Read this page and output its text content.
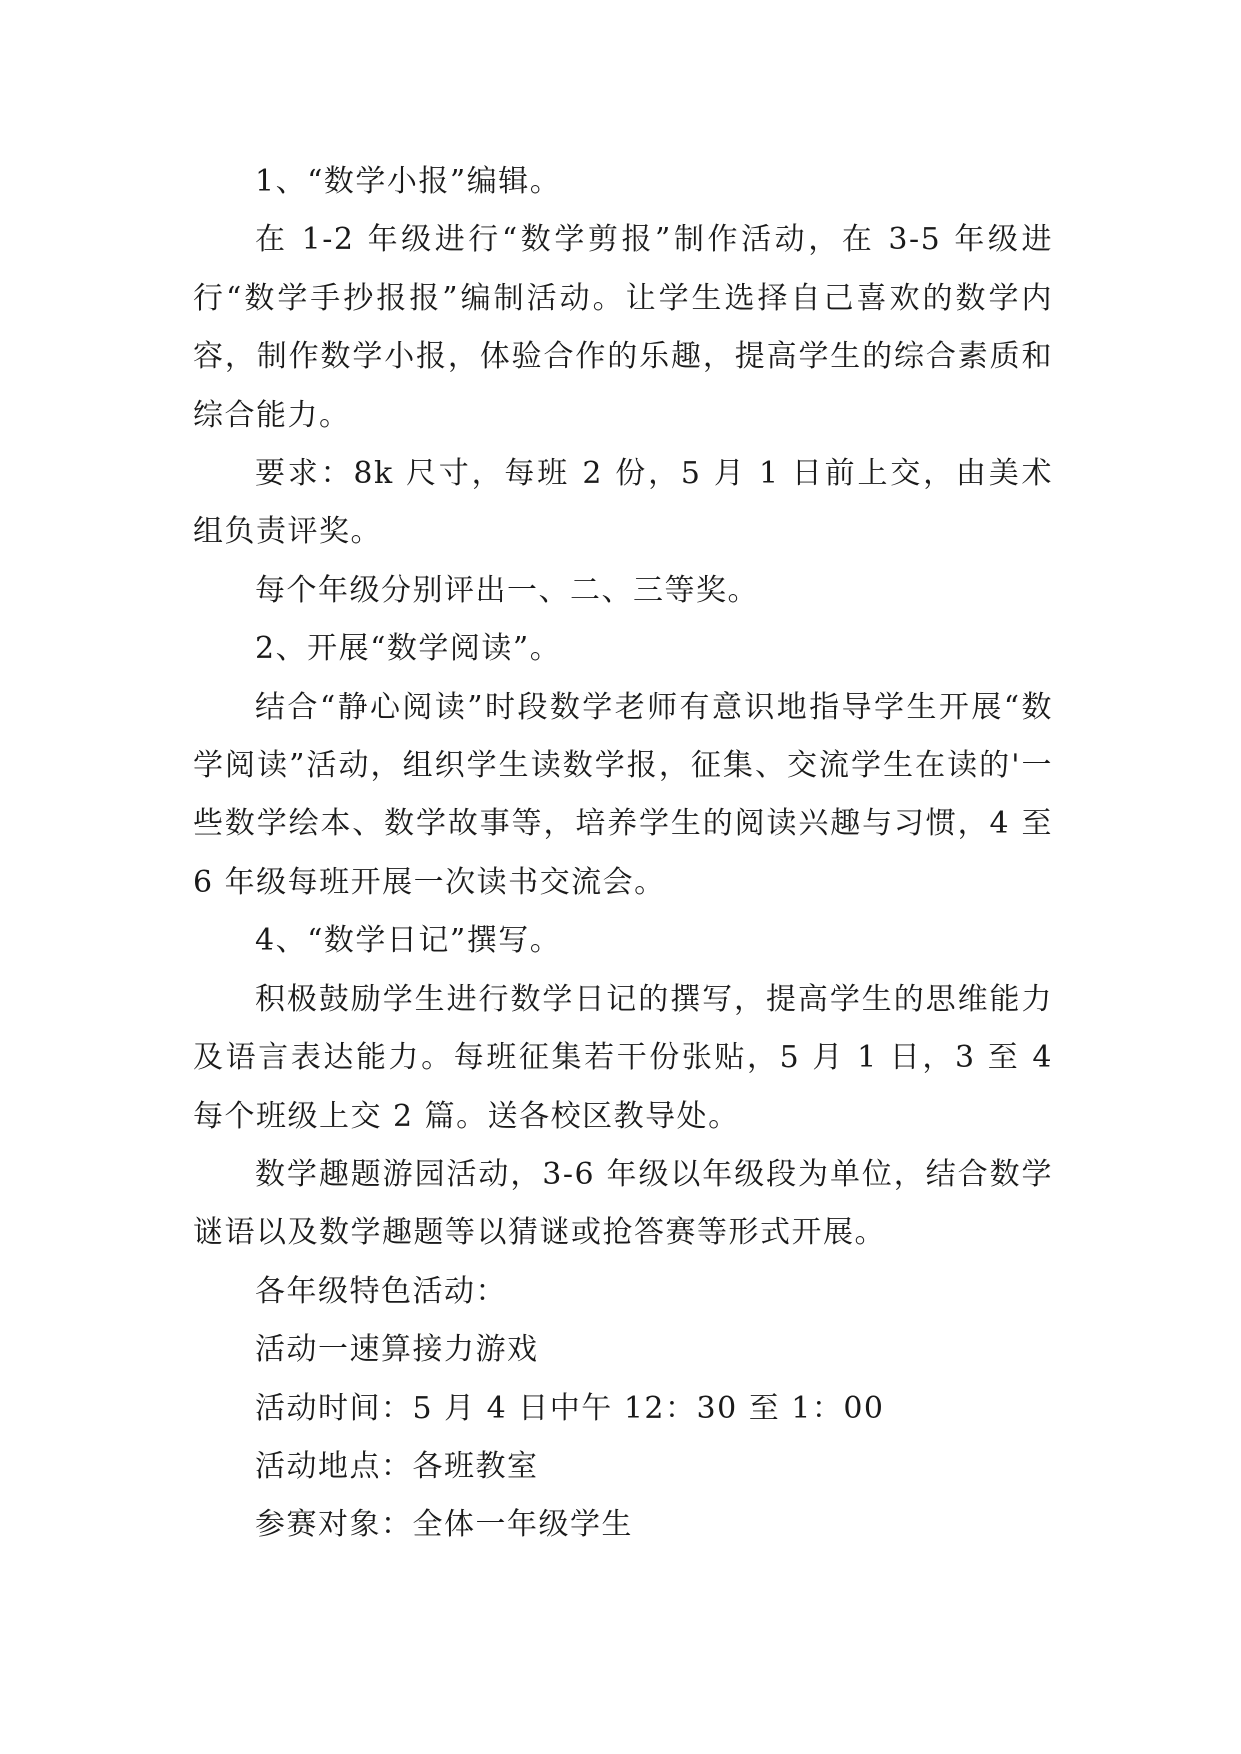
1、“数学小报”编辑。

在 1-2 年级进行“数学剪报”制作活动，在 3-5 年级进行“数学手抄报报”编制活动。让学生选择自己喜欢的数学内容，制作数学小报，体验合作的乐趣，提高学生的综合素质和综合能力。

要求：8k 尺寸，每班 2 份，5 月 1 日前上交，由美术组负责评奖。

每个年级分别评出一、二、三等奖。

2、开展“数学阅读”。

结合“静心阅读”时段数学老师有意识地指导学生开展“数学阅读”活动，组织学生读数学报，征集、交流学生在读的'一些数学绘本、数学故事等，培养学生的阅读兴趣与习惯，4 至 6 年级每班开展一次读书交流会。

4、“数学日记”撰写。

积极鼓励学生进行数学日记的撰写，提高学生的思维能力及语言表达能力。每班征集若干份张贴，5 月 1 日，3 至 4 每个班级上交 2 篇。送各校区教导处。

数学趣题游园活动，3-6 年级以年级段为单位，结合数学谜语以及数学趣题等以猜谜或抢答赛等形式开展。

各年级特色活动：

活动一速算接力游戏

活动时间：5 月 4 日中午 12：30 至 1：00

活动地点：各班教室

参赛对象：全体一年级学生
